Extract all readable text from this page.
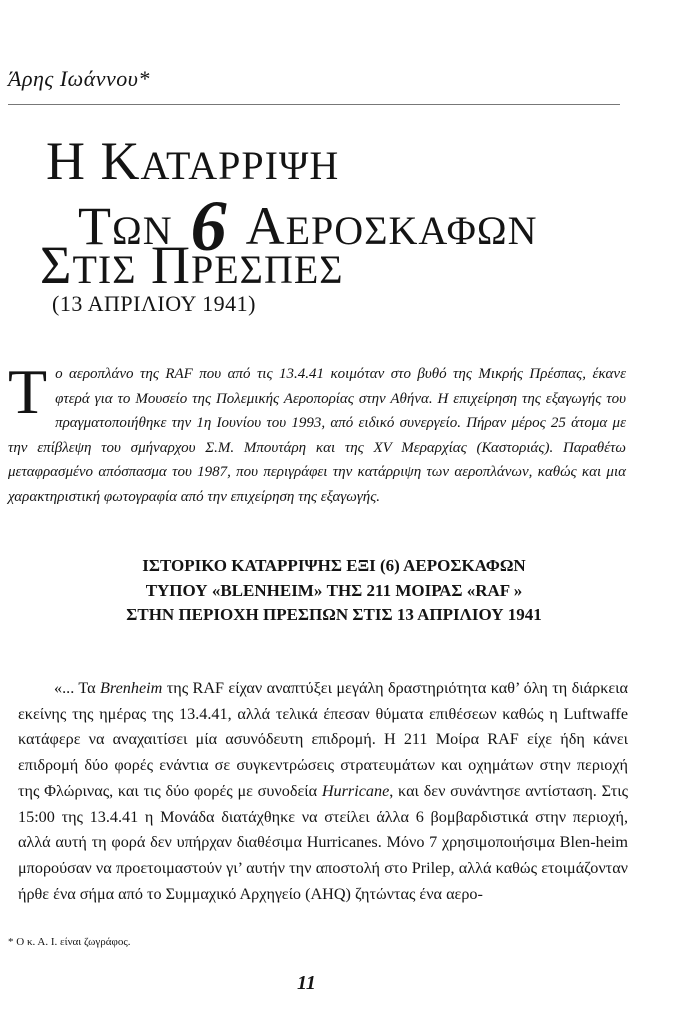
Άρης Ιωάννου*
Η ΚΑΤΑΡΡΙΨΗ
ΤΩΝ 6 ΑΕΡΟΣΚΑΦΩΝ
ΣΤΙΣ ΠΡΕΣΠΕΣ
(13 ΑΠΡΙΛΙΟΥ 1941)

Το αεροπλάνο της RAF που από τις 13.4.41 κοιμόταν στο βυθό της Μικρής Πρέσπας, έκανε φτερά για το Μουσείο της Πολεμικής Αεροπορίας στην Αθήνα. Η επιχείρηση της εξαγωγής του πραγματοποιήθηκε την 1η Ιουνίου του 1993, από ειδικό συνεργείο. Πήραν μέρος 25 άτομα με την επίβλεψη του σμήναρχου Σ.Μ. Μπουτάρη και της XV Μεραρχίας (Καστοριάς). Παραθέτω μεταφρασμένο απόσπασμα του 1987, που περιγράφει την κατάρριψη των αεροπλάνων, καθώς και μια χαρακτηριστική φωτογραφία από την επιχείρηση της εξαγωγής.

ΙΣΤΟΡΙΚΟ ΚΑΤΑΡΡΙΨΗΣ ΕΞΙ (6) ΑΕΡΟΣΚΑΦΩΝ
ΤΥΠΟΥ «BLENHEIM» ΤΗΣ 211 ΜΟΙΡΑΣ «RAF »
ΣΤΗΝ ΠΕΡΙΟΧΗ ΠΡΕΣΠΩΝ ΣΤΙΣ 13 ΑΠΡΙΛΙΟΥ 1941

«... Τα Brenheim της RAF είχαν αναπτύξει μεγάλη δραστηριότητα καθ’ όλη τη διάρκεια εκείνης της ημέρας της 13.4.41, αλλά τελικά έπεσαν θύματα επιθέσεων καθώς η Luftwaffe κατάφερε να αναχαιτίσει μία ασυνόδευτη επιδρομή. Η 211 Μοίρα RAF είχε ήδη κάνει επιδρομή δύο φορές ενάντια σε συγκεντρώσεις στρατευμάτων και οχημάτων στην περιοχή της Φλώρινας, και τις δύο φορές με συνοδεία Hurricane, και δεν συνάντησε αντίσταση. Στις 15:00 της 13.4.41 η Μονάδα διατάχθηκε να στείλει άλλα 6 βομβαρδιστικά στην περιοχή, αλλά αυτή τη φορά δεν υπήρχαν διαθέσιμα Hurricanes. Μόνο 7 χρησιμοποιήσιμα Blen-heim μπορούσαν να προετοιμαστούν γι’ αυτήν την αποστολή στο Prilep, αλλά καθώς ετοιμάζονταν ήρθε ένα σήμα από το Συμμαχικό Αρχηγείο (AHQ) ζητώντας ένα αερο-

* Ο κ. Α. Ι. είναι ζωγράφος.
11
